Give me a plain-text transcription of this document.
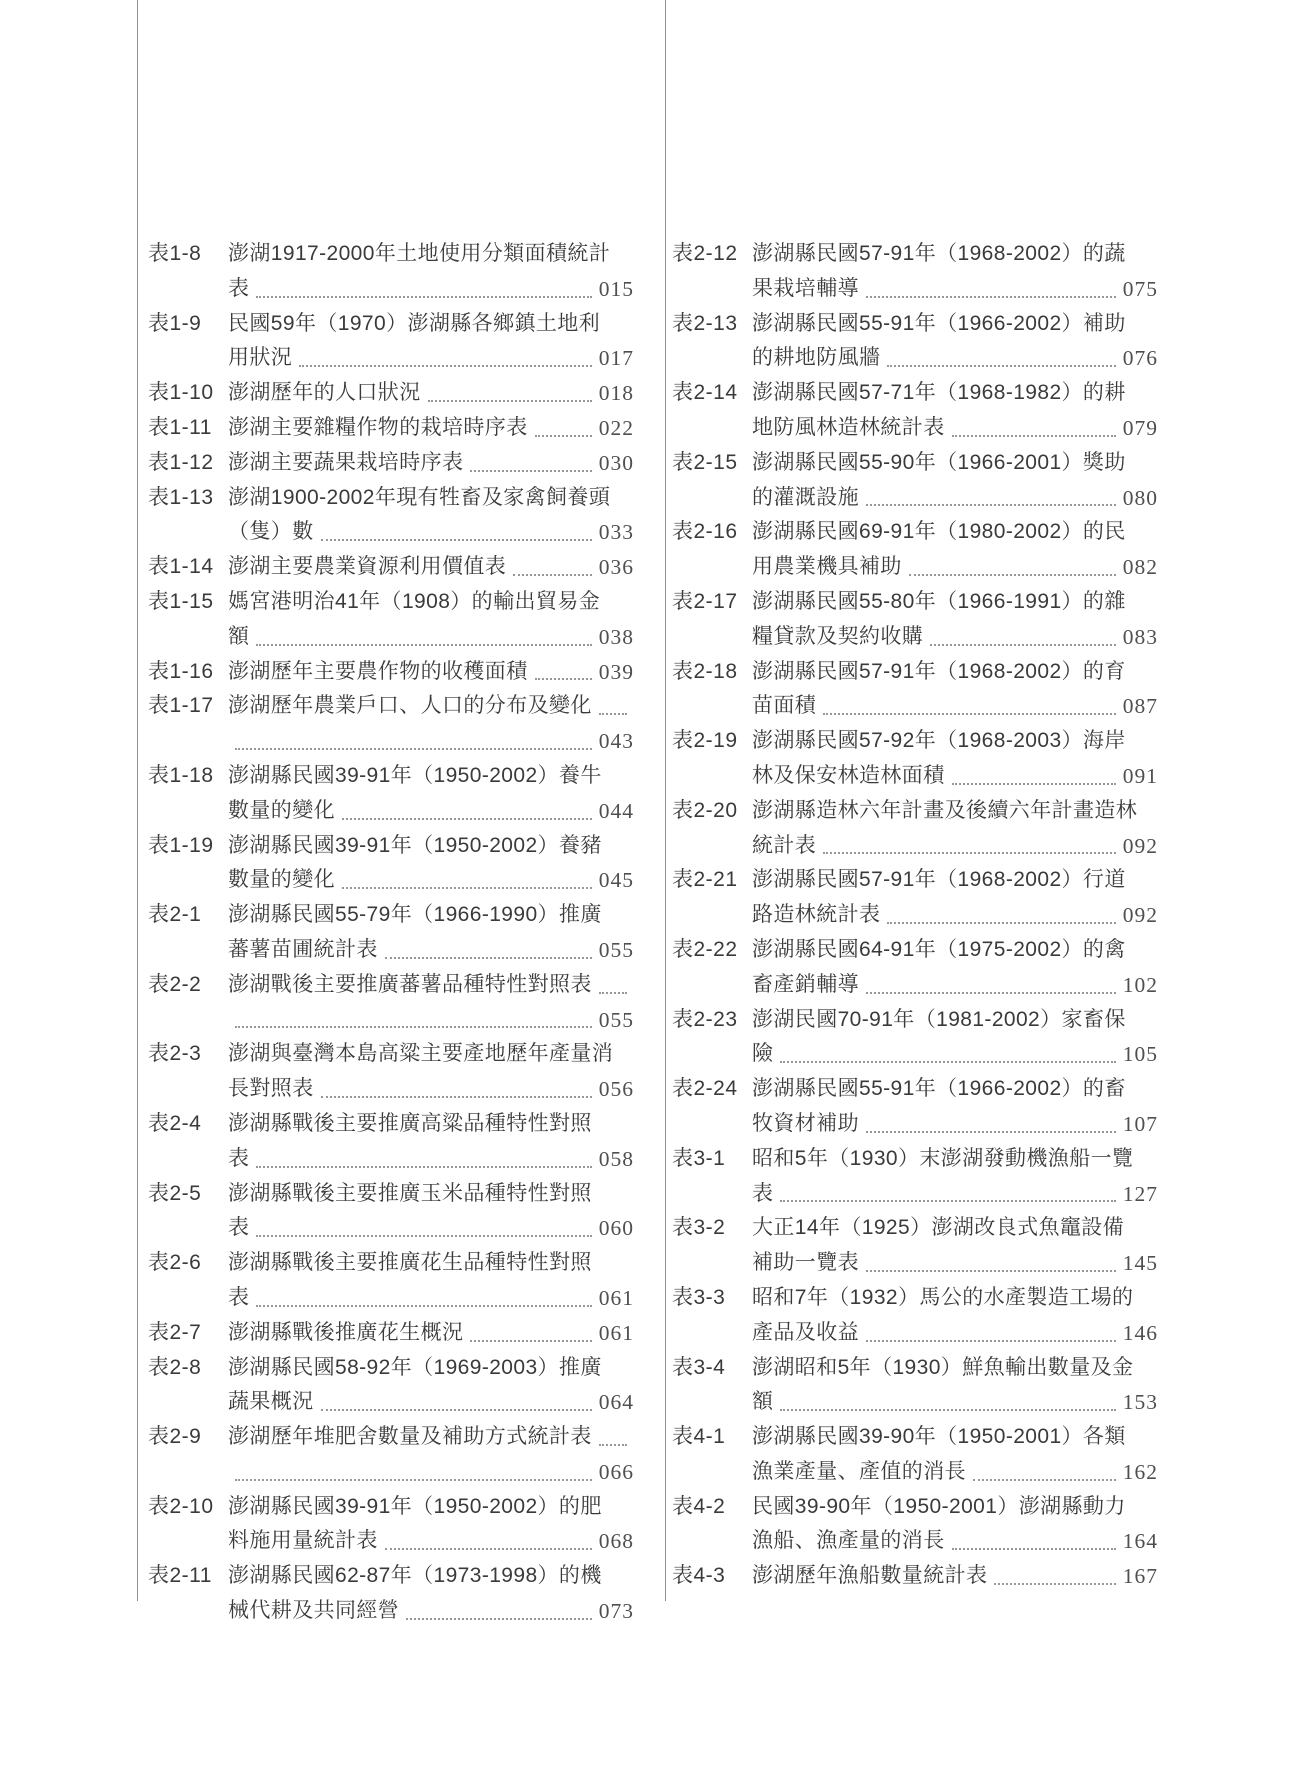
表1-8	澎湖1917-2000年土地使用分類面積統計
表	015
表1-9	民國59年（1970）澎湖縣各鄉鎮土地利
用狀況	017
表1-10 澎湖歷年的人口狀況	018
表1-11 澎湖主要雜糧作物的栽培時序表	022
表1-12 澎湖主要蔬果栽培時序表	030
表1-13 澎湖1900-2002年現有牲畜及家禽飼養頭
（隻）數	033
表1-14 澎湖主要農業資源利用價值表	036
表1-15 媽宮港明治41年（1908）的輸出貿易金
額	038
表1-16 澎湖歷年主要農作物的收穫面積	039
表1-17 澎湖歷年農業戶口、人口的分布及變化
043
表1-18 澎湖縣民國39-91年（1950-2002）養牛
數量的變化	044
表1-19 澎湖縣民國39-91年（1950-2002）養豬
數量的變化	045
表2-1	澎湖縣民國55-79年（1966-1990）推廣
蕃薯苗圃統計表	055
表2-2	澎湖戰後主要推廣蕃薯品種特性對照表
055
表2-3	澎湖與臺灣本島高粱主要產地歷年產量消
長對照表	056
表2-4	澎湖縣戰後主要推廣高粱品種特性對照
表	058
表2-5	澎湖縣戰後主要推廣玉米品種特性對照
表	060
表2-6	澎湖縣戰後主要推廣花生品種特性對照
表	061
表2-7	澎湖縣戰後推廣花生概況	061
表2-8	澎湖縣民國58-92年（1969-2003）推廣
蔬果概況	064
表2-9	澎湖歷年堆肥舍數量及補助方式統計表
066
表2-10 澎湖縣民國39-91年（1950-2002）的肥
料施用量統計表	068
表2-11 澎湖縣民國62-87年（1973-1998）的機
械代耕及共同經營	073
表2-12 澎湖縣民國57-91年（1968-2002）的蔬
果栽培輔導	075
表2-13 澎湖縣民國55-91年（1966-2002）補助
的耕地防風牆	076
表2-14 澎湖縣民國57-71年（1968-1982）的耕
地防風林造林統計表	079
表2-15 澎湖縣民國55-90年（1966-2001）獎助
的灌溉設施	080
表2-16 澎湖縣民國69-91年（1980-2002）的民
用農業機具補助	082
表2-17 澎湖縣民國55-80年（1966-1991）的雜
糧貸款及契約收購	083
表2-18 澎湖縣民國57-91年（1968-2002）的育
苗面積	087
表2-19 澎湖縣民國57-92年（1968-2003）海岸
林及保安林造林面積	091
表2-20 澎湖縣造林六年計畫及後續六年計畫造林
統計表	092
表2-21 澎湖縣民國57-91年（1968-2002）行道
路造林統計表	092
表2-22 澎湖縣民國64-91年（1975-2002）的禽
畜產銷輔導	102
表2-23 澎湖民國70-91年（1981-2002）家畜保
險	105
表2-24 澎湖縣民國55-91年（1966-2002）的畜
牧資材補助	107
表3-1	昭和5年（1930）末澎湖發動機漁船一覽
表	127
表3-2	大正14年（1925）澎湖改良式魚竈設備
補助一覽表	145
表3-3	昭和7年（1932）馬公的水產製造工場的
產品及收益	146
表3-4	澎湖昭和5年（1930）鮮魚輸出數量及金
額	153
表4-1	澎湖縣民國39-90年（1950-2001）各類
漁業產量、產值的消長	162
表4-2	民國39-90年（1950-2001）澎湖縣動力
漁船、漁產量的消長	164
表4-3	澎湖歷年漁船數量統計表	167
